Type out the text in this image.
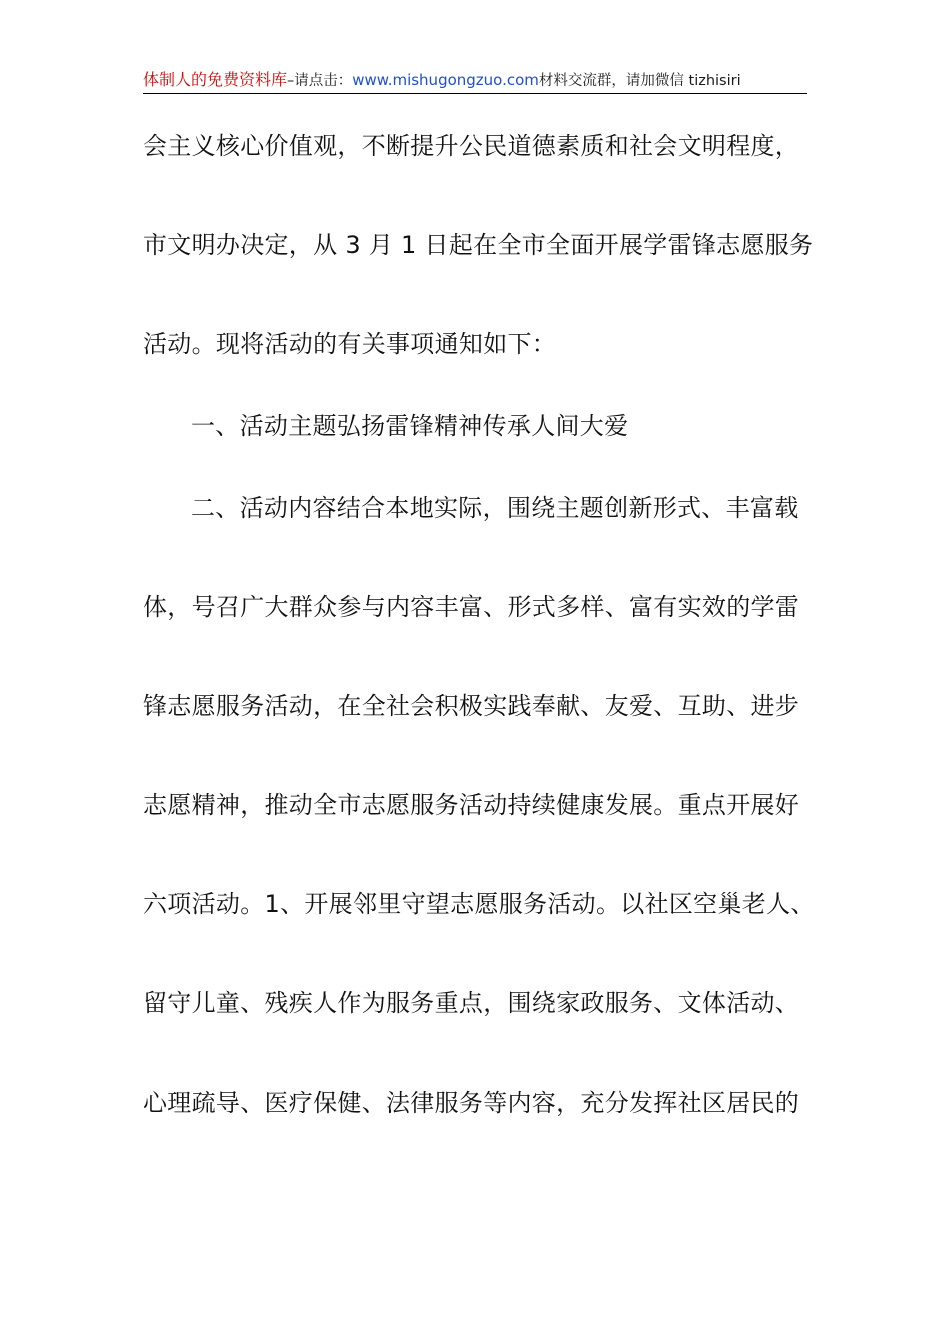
体制人的免费资料库–请点击：www.mishugongzuo.com材料交流群，请加微信 tizhisiri
会主义核心价值观，不断提升公民道德素质和社会文明程度，
市文明办决定，从 3 月 1 日起在全市全面开展学雷锋志愿服务
活动。现将活动的有关事项通知如下：
一、活动主题弘扬雷锋精神传承人间大爱
二、活动内容结合本地实际，围绕主题创新形式、丰富载
体，号召广大群众参与内容丰富、形式多样、富有实效的学雷
锋志愿服务活动，在全社会积极实践奉献、友爱、互助、进步
志愿精神，推动全市志愿服务活动持续健康发展。重点开展好
六项活动。1、开展邻里守望志愿服务活动。以社区空巢老人、
留守儿童、残疾人作为服务重点，围绕家政服务、文体活动、
心理疏导、医疗保健、法律服务等内容，充分发挥社区居民的
